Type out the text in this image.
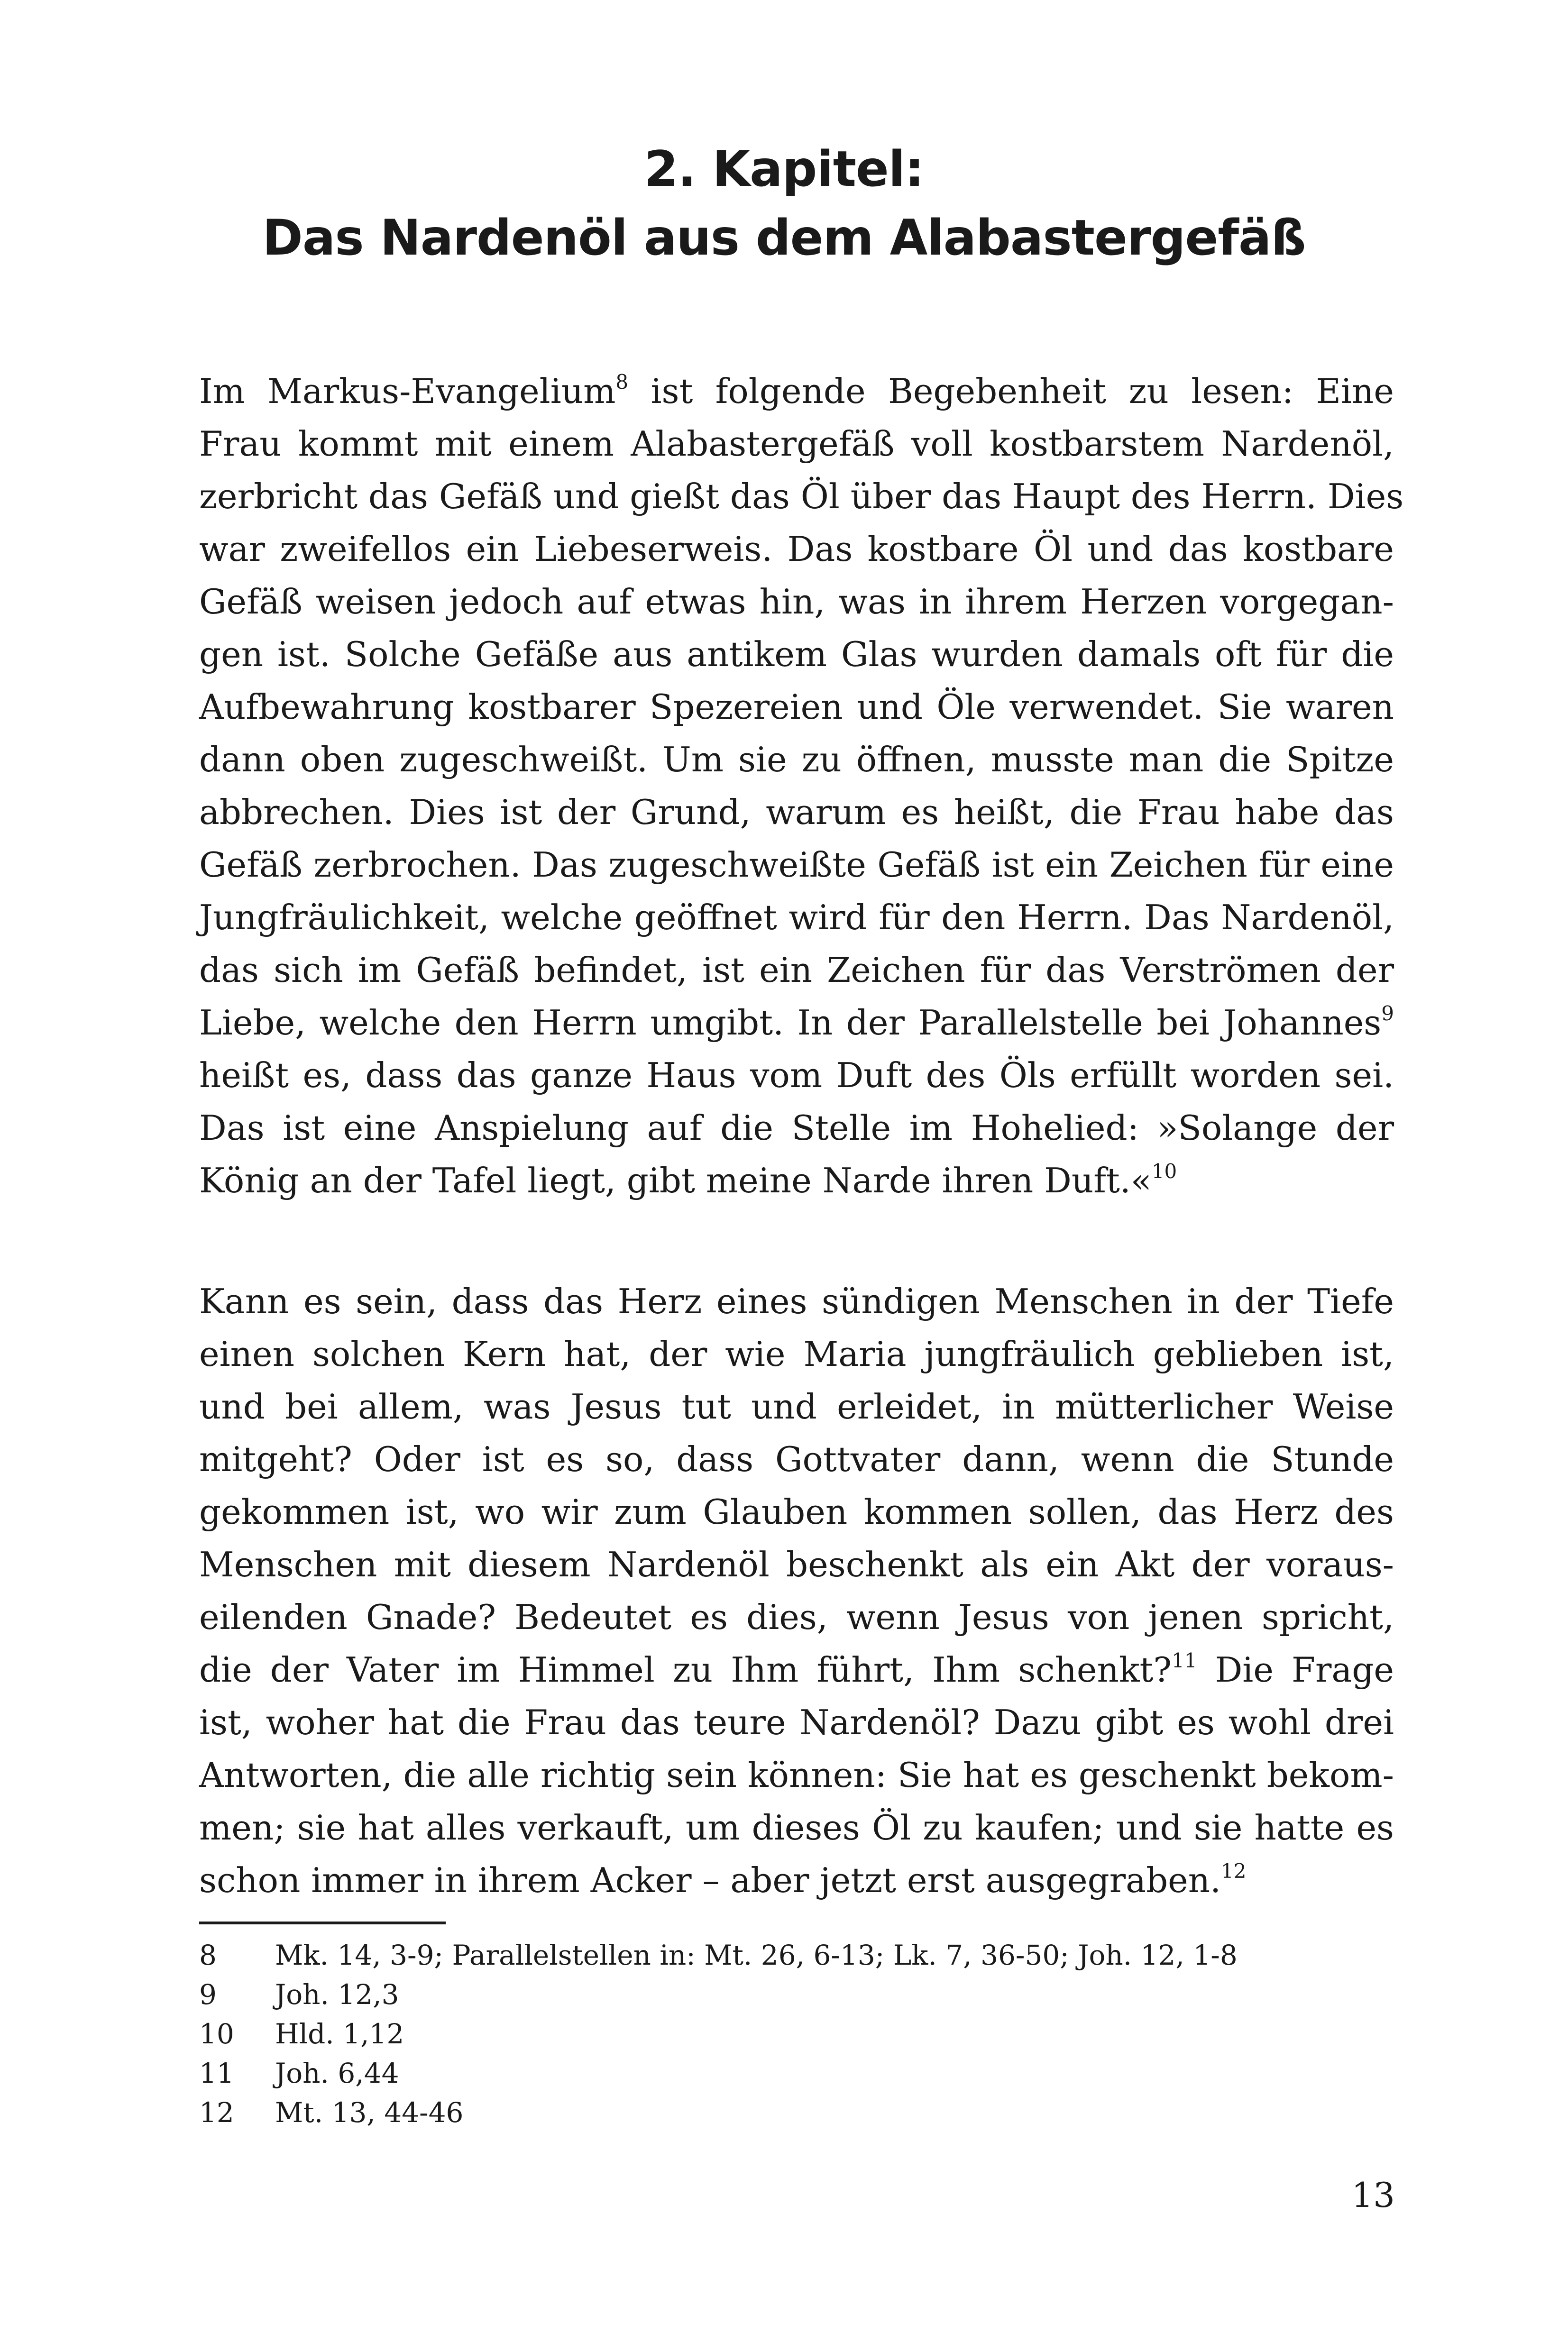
2. Kapitel:
Das Nardenöl aus dem Alabastergefäß
Im Markus-Evangelium$^8$ ist folgende Begebenheit zu lesen: Eine
Frau kommt mit einem Alabastergefäß voll kostbarstem Nardenöl,
zerbricht das Gefäß und gießt das Öl über das Haupt des Herrn. Dies
war zweifellos ein Liebeserweis. Das kostbare Öl und das kostbare
Gefäß weisen jedoch auf etwas hin, was in ihrem Herzen vorgegan-
gen ist. Solche Gefäße aus antikem Glas wurden damals oft für die
Aufbewahrung kostbarer Spezereien und Öle verwendet. Sie waren
dann oben zugeschweißt. Um sie zu öffnen, musste man die Spitze
abbrechen. Dies ist der Grund, warum es heißt, die Frau habe das
Gefäß zerbrochen. Das zugeschweißte Gefäß ist ein Zeichen für eine
Jungfräulichkeit, welche geöffnet wird für den Herrn. Das Nardenöl,
das sich im Gefäß befindet, ist ein Zeichen für das Verströmen der
Liebe, welche den Herrn umgibt. In der Parallelstelle bei Johannes$^9$
heißt es, dass das ganze Haus vom Duft des Öls erfüllt worden sei.
Das ist eine Anspielung auf die Stelle im Hohelied: »Solange der
König an der Tafel liegt, gibt meine Narde ihren Duft.«$^{10}$
Kann es sein, dass das Herz eines sündigen Menschen in der Tiefe
einen solchen Kern hat, der wie Maria jungfräulich geblieben ist,
und bei allem, was Jesus tut und erleidet, in mütterlicher Weise
mitgeht? Oder ist es so, dass Gottvater dann, wenn die Stunde
gekommen ist, wo wir zum Glauben kommen sollen, das Herz des
Menschen mit diesem Nardenöl beschenkt als ein Akt der voraus-
eilenden Gnade? Bedeutet es dies, wenn Jesus von jenen spricht,
die der Vater im Himmel zu Ihm führt, Ihm schenkt?$^{11}$ Die Frage
ist, woher hat die Frau das teure Nardenöl? Dazu gibt es wohl drei
Antworten, die alle richtig sein können: Sie hat es geschenkt bekom-
men; sie hat alles verkauft, um dieses Öl zu kaufen; und sie hatte es
schon immer in ihrem Acker – aber jetzt erst ausgegraben.$^{12}$
8	Mk. 14, 3-9; Parallelstellen in: Mt. 26, 6-13; Lk. 7, 36-50; Joh. 12, 1-8
9	Joh. 12,3
10	Hld. 1,12
11	Joh. 6,44
12	Mt. 13, 44-46
13
